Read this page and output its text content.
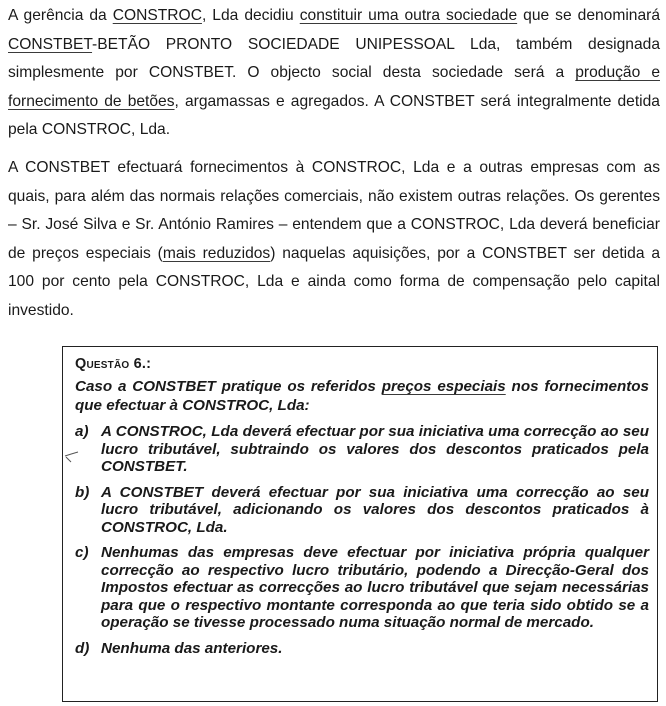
A gerência da CONSTROC, Lda decidiu constituir uma outra sociedade que se denominará CONSTBET-BETÃO PRONTO SOCIEDADE UNIPESSOAL Lda, também designada simplesmente por CONSTBET. O objecto social desta sociedade será a produção e fornecimento de betões, argamassas e agregados. A CONSTBET será integralmente detida pela CONSTROC, Lda.

A CONSTBET efectuará fornecimentos à CONSTROC, Lda e a outras empresas com as quais, para além das normais relações comerciais, não existem outras relações. Os gerentes – Sr. José Silva e Sr. António Ramires – entendem que a CONSTROC, Lda deverá beneficiar de preços especiais (mais reduzidos) naquelas aquisições, por a CONSTBET ser detida a 100 por cento pela CONSTROC, Lda e ainda como forma de compensação pelo capital investido.

Questão 6.:

Caso a CONSTBET pratique os referidos preços especiais nos fornecimentos que efectuar à CONSTROC, Lda:

a) A CONSTROC, Lda deverá efectuar por sua iniciativa uma correcção ao seu lucro tributável, subtraindo os valores dos descontos praticados pela CONSTBET.
b) A CONSTBET deverá efectuar por sua iniciativa uma correcção ao seu lucro tributável, adicionando os valores dos descontos praticados à CONSTROC, Lda.
c) Nenhumas das empresas deve efectuar por iniciativa própria qualquer correcção ao respectivo lucro tributário, podendo a Direcção-Geral dos Impostos efectuar as correcções ao lucro tributável que sejam necessárias para que o respectivo montante corresponda ao que teria sido obtido se a operação se tivesse processado numa situação normal de mercado.
d) Nenhuma das anteriores.
